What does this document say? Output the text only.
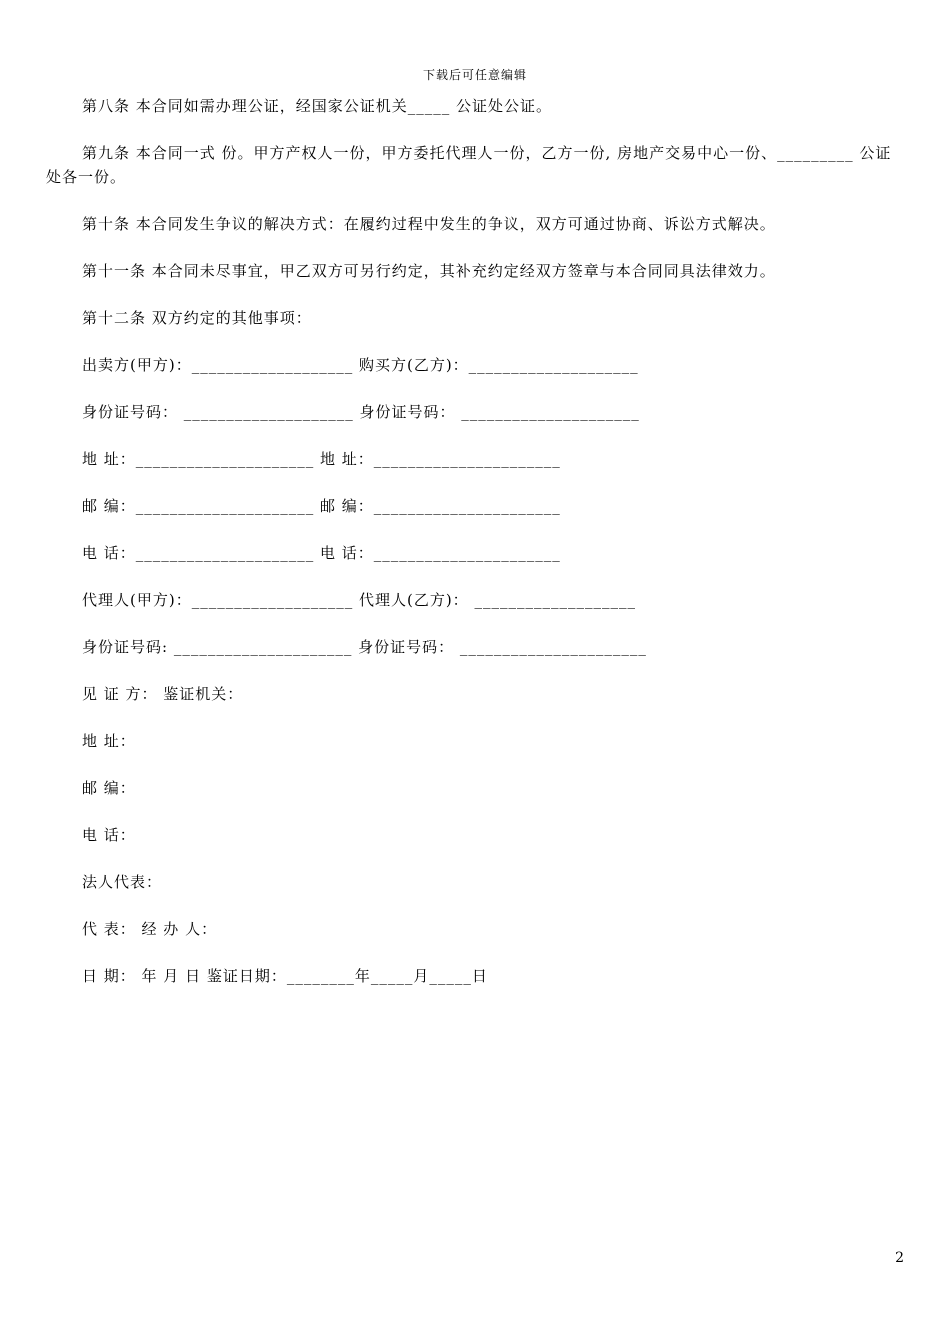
下载后可任意编辑

第八条 本合同如需办理公证，经国家公证机关_____ 公证处公证。

第九条 本合同一式 份。甲方产权人一份，甲方委托代理人一份，乙方一份, 房地产交易中心一份、_________ 公证处各一份。

第十条 本合同发生争议的解决方式：在履约过程中发生的争议，双方可通过协商、诉讼方式解决。

第十一条 本合同未尽事宜，甲乙双方可另行约定，其补充约定经双方签章与本合同同具法律效力。

第十二条 双方约定的其他事项：

出卖方(甲方)：___________________ 购买方(乙方)：____________________

身份证号码： ____________________ 身份证号码： _____________________

地 址：_____________________ 地 址：______________________

邮 编：_____________________ 邮 编：______________________

电 话：_____________________ 电 话：______________________

代理人(甲方)：___________________ 代理人(乙方)： ___________________

身份证号码: _____________________ 身份证号码： ______________________

见 证 方： 鉴证机关：

地 址：

邮 编：

电 话：

法人代表：

代 表： 经 办 人：

日 期： 年 月 日 鉴证日期：________年_____月_____日

2
